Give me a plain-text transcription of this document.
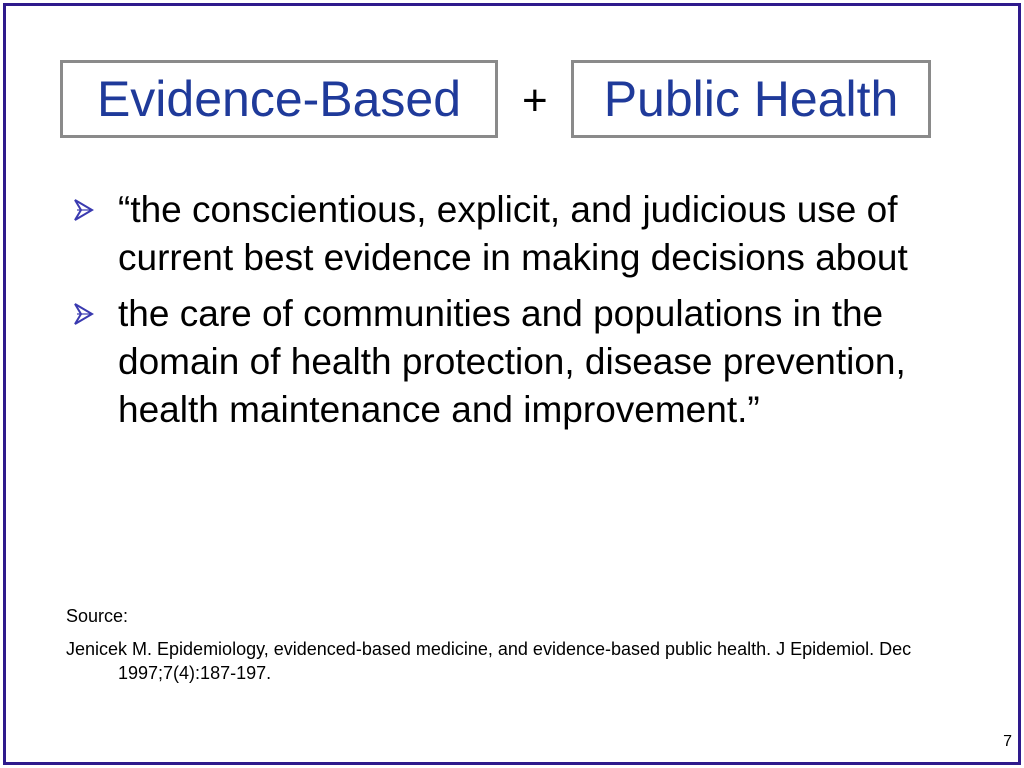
Evidence-Based + Public Health
“the conscientious, explicit, and judicious use of current best evidence in making decisions about
the care of communities and populations in the domain of health protection, disease prevention, health maintenance and improvement.”
Source:
Jenicek M. Epidemiology, evidenced-based medicine, and evidence-based public health. J Epidemiol. Dec 1997;7(4):187-197.
7
